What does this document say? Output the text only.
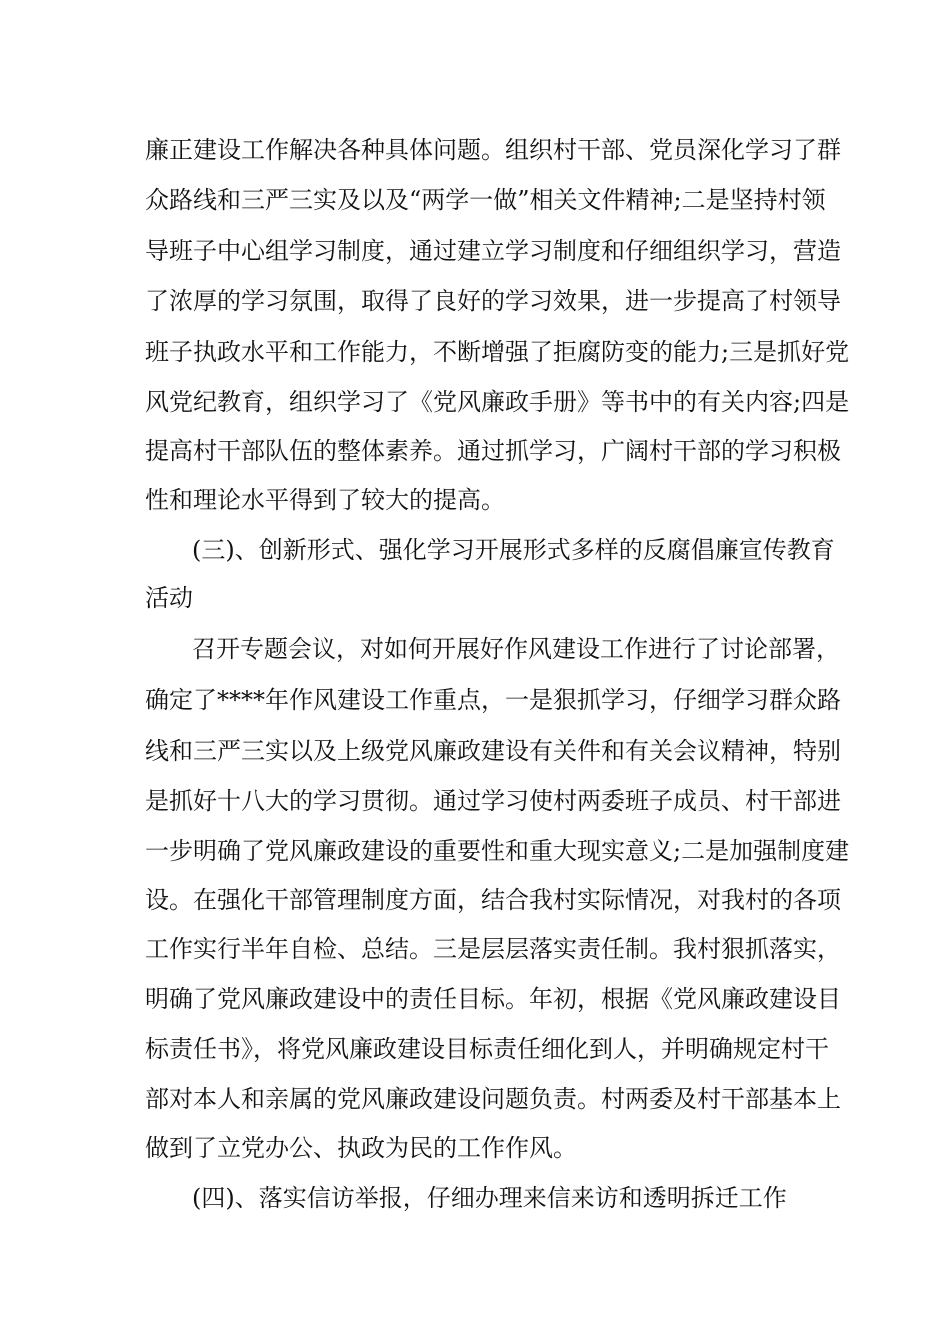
廉正建设工作解决各种具体问题。组织村干部、党员深化学习了群
众路线和三严三实及以及“两学一做”相关文件精神;二是坚持村领
导班子中心组学习制度，通过建立学习制度和仔细组织学习，营造
了浓厚的学习氛围，取得了良好的学习效果，进一步提高了村领导
班子执政水平和工作能力，不断增强了拒腐防变的能力;三是抓好党
风党纪教育，组织学习了《党风廉政手册》等书中的有关内容;四是
提高村干部队伍的整体素养。通过抓学习，广阔村干部的学习积极
性和理论水平得到了较大的提高。
(三)、创新形式、强化学习开展形式多样的反腐倡廉宣传教育
活动
召开专题会议，对如何开展好作风建设工作进行了讨论部署，
确定了****年作风建设工作重点，一是狠抓学习，仔细学习群众路
线和三严三实以及上级党风廉政建设有关件和有关会议精神，特别
是抓好十八大的学习贯彻。通过学习使村两委班子成员、村干部进
一步明确了党风廉政建设的重要性和重大现实意义;二是加强制度建
设。在强化干部管理制度方面，结合我村实际情况，对我村的各项
工作实行半年自检、总结。三是层层落实责任制。我村狠抓落实，
明确了党风廉政建设中的责任目标。年初，根据《党风廉政建设目
标责任书》，将党风廉政建设目标责任细化到人，并明确规定村干
部对本人和亲属的党风廉政建设问题负责。村两委及村干部基本上
做到了立党办公、执政为民的工作作风。
(四)、落实信访举报，仔细办理来信来访和透明拆迁工作
